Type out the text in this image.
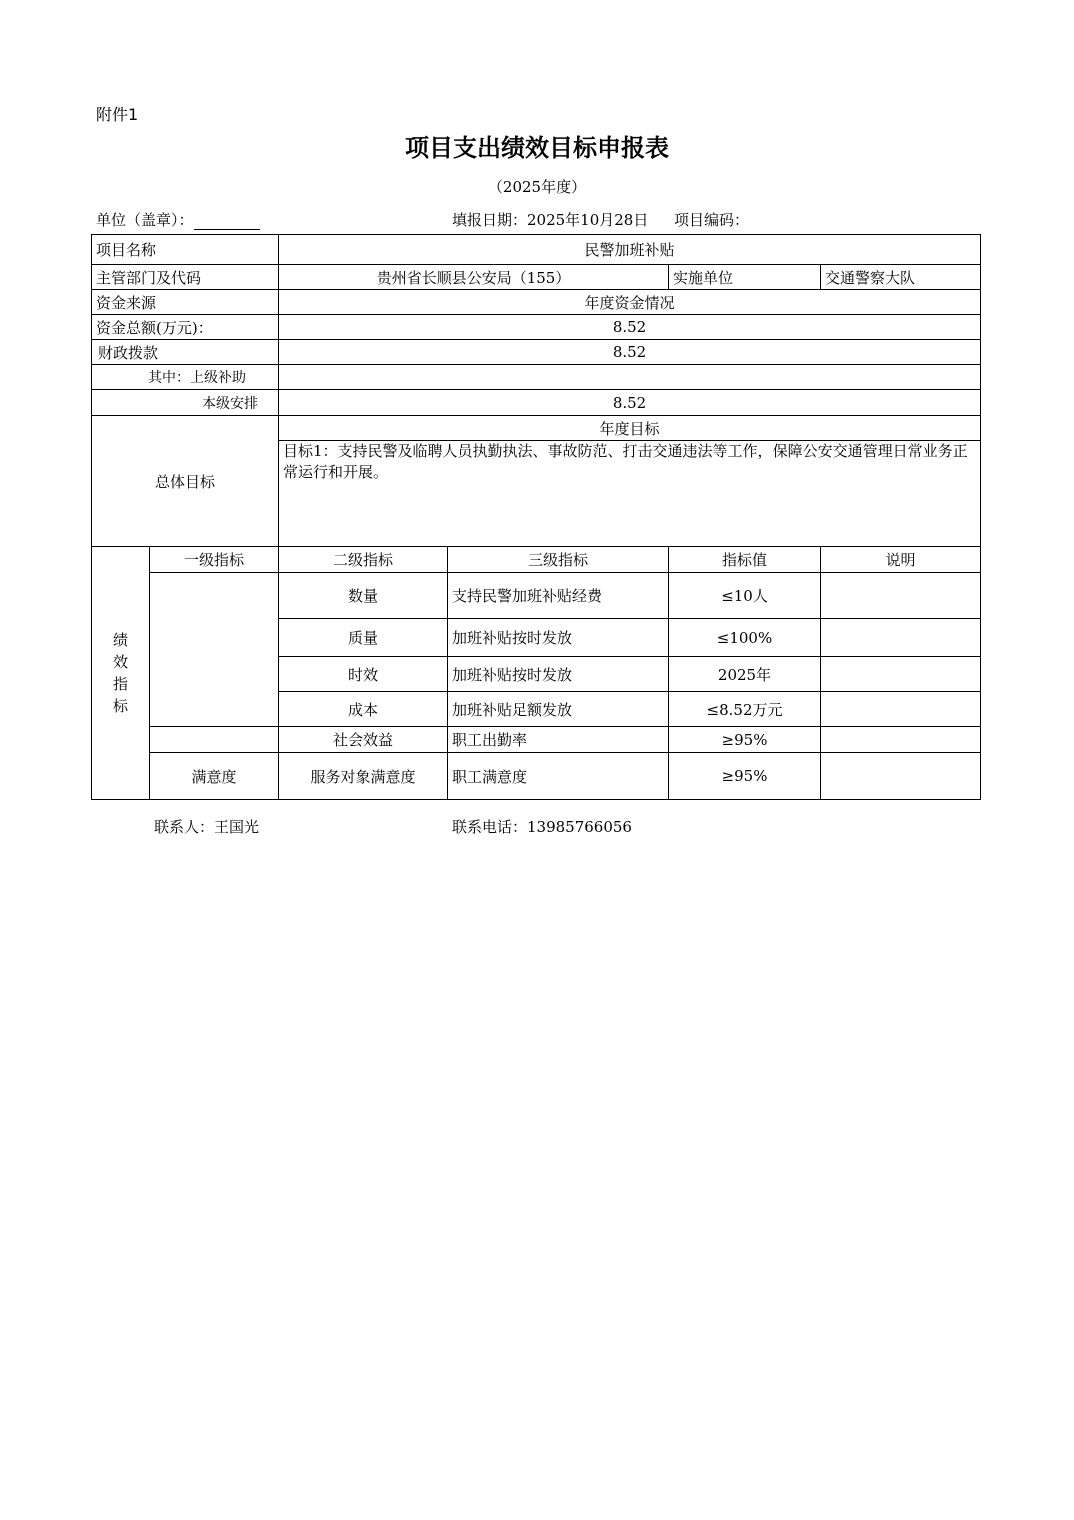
附件1
项目支出绩效目标申报表
（2025年度）
单位（盖章）：	填报日期：2025年10月28日 项目编码：
项目名称		民警加班补贴			
主管部门及代码		贵州省长顺县公安局（155）		实施单位	交通警察大队
资金来源		年度资金情况			
资金总额(万元)：		8.52			
财政拨款		8.52			
其中：上级补助					
本级安排		8.52			
总体目标		年度目标			
		目标1：支持民警及临聘人员执勤执法、事故防范、打击交通违法等工作，保障公安交通管理日常业务正常运行和开展。			

绩
效
指
标	一级指标	二级指标	三级指标	指标值	说明
		数量	支持民警加班补贴经费	≤10人	
		质量	加班补贴按时发放	≤100%	
		时效	加班补贴按时发放	2025年	
		成本	加班补贴足额发放	≤8.52万元	
		社会效益	职工出勤率	≥95%	
	满意度	服务对象满意度	职工满意度	≥95%	
联系人：王国光	联系电话：13985766056
